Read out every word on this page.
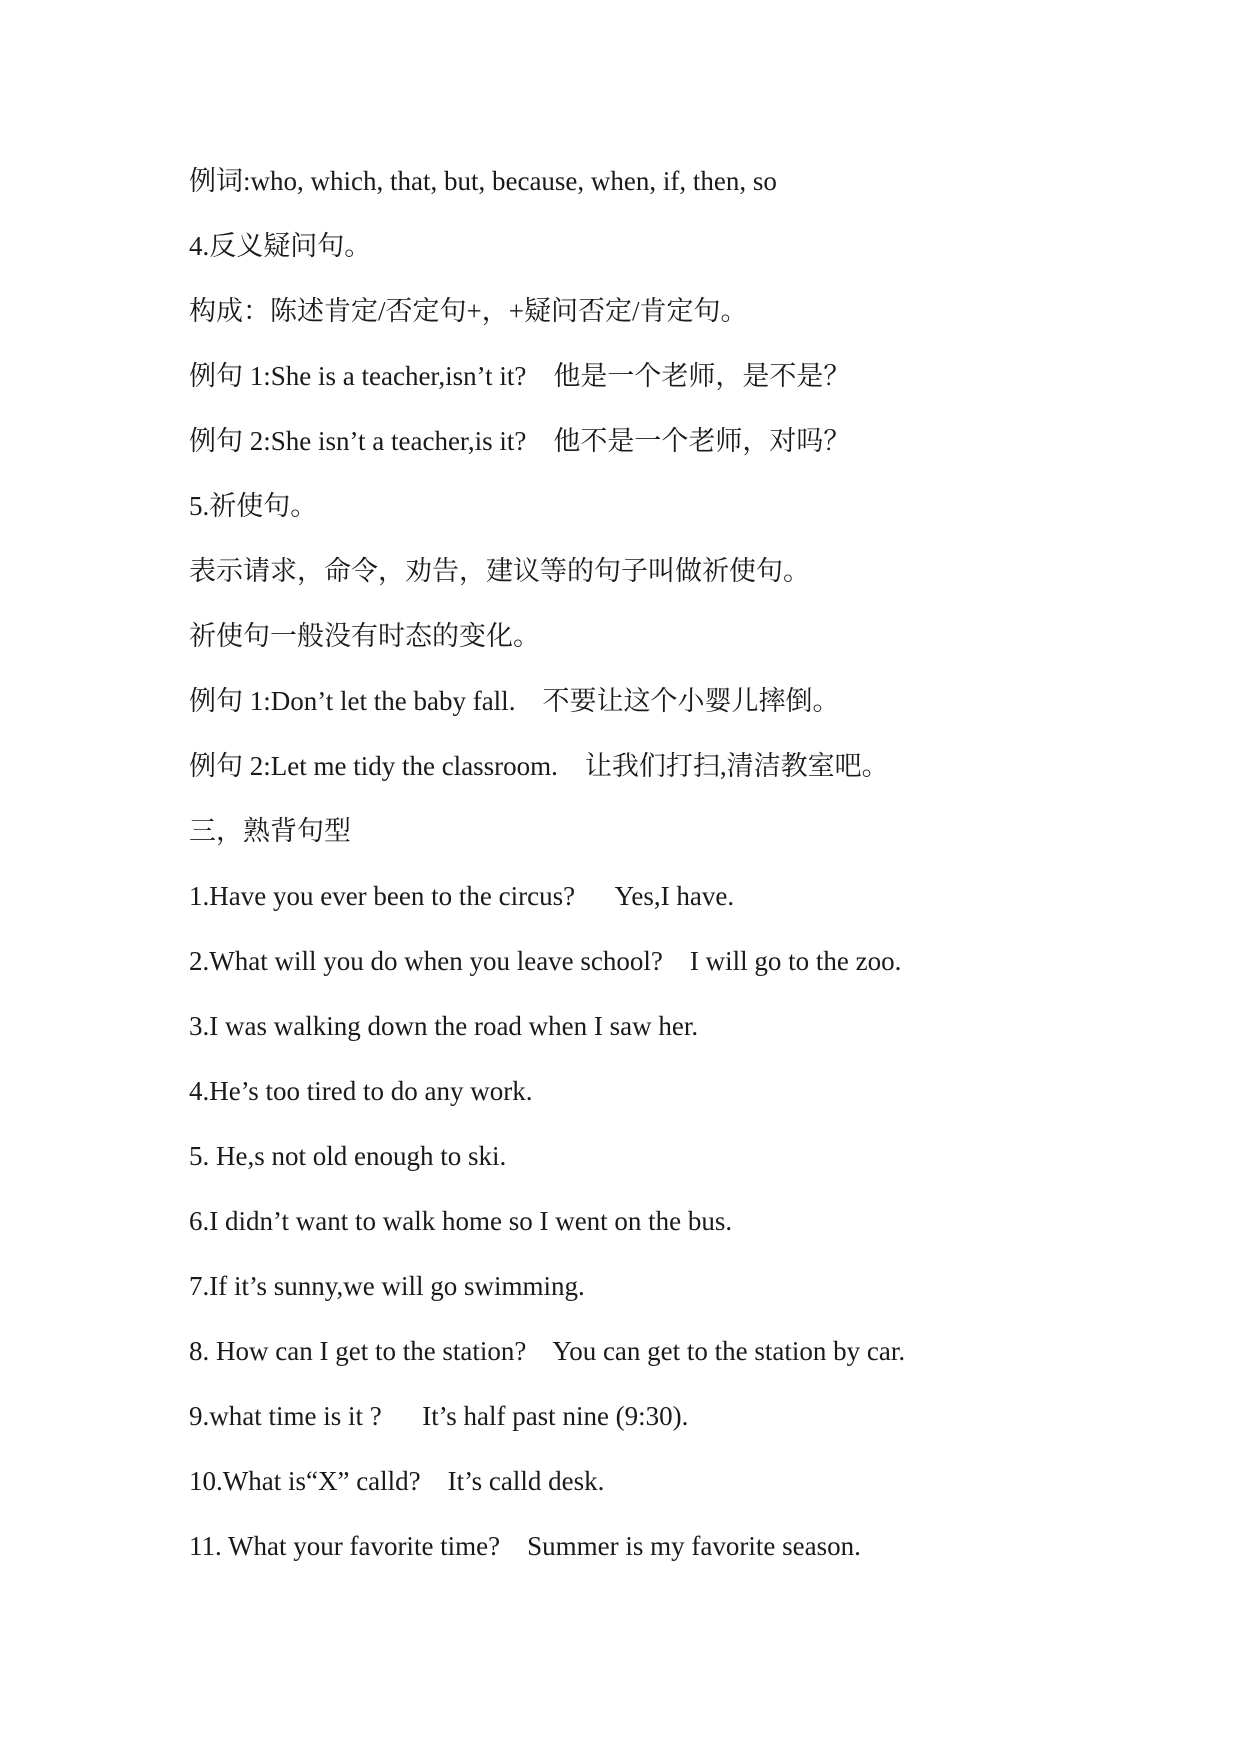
例词:who, which, that, but, because, when, if, then, so
4.反义疑问句。
构成：陈述肯定/否定句+，+疑问否定/肯定句。
例句 1:She is a teacher,isn’t it?    他是一个老师，是不是？
例句 2:She isn’t a teacher,is it?    他不是一个老师，对吗？
5.祈使句。
表示请求，命令，劝告，建议等的句子叫做祈使句。
祈使句一般没有时态的变化。
例句 1:Don’t let the baby fall.    不要让这个小婴儿摔倒。
例句 2:Let me tidy the classroom.    让我们打扫,清洁教室吧。
三，熟背句型
1.Have you ever been to the circus?      Yes,I have.
2.What will you do when you leave school?    I will go to the zoo.
3.I was walking down the road when I saw her.
4.He’s too tired to do any work.
5. He,s not old enough to ski.
6.I didn’t want to walk home so I went on the bus.
7.If it’s sunny,we will go swimming.
8. How can I get to the station?    You can get to the station by car.
9.what time is it ?      It’s half past nine (9:30).
10.What is“X” calld?    It’s calld desk.
11. What your favorite time?    Summer is my favorite season.
